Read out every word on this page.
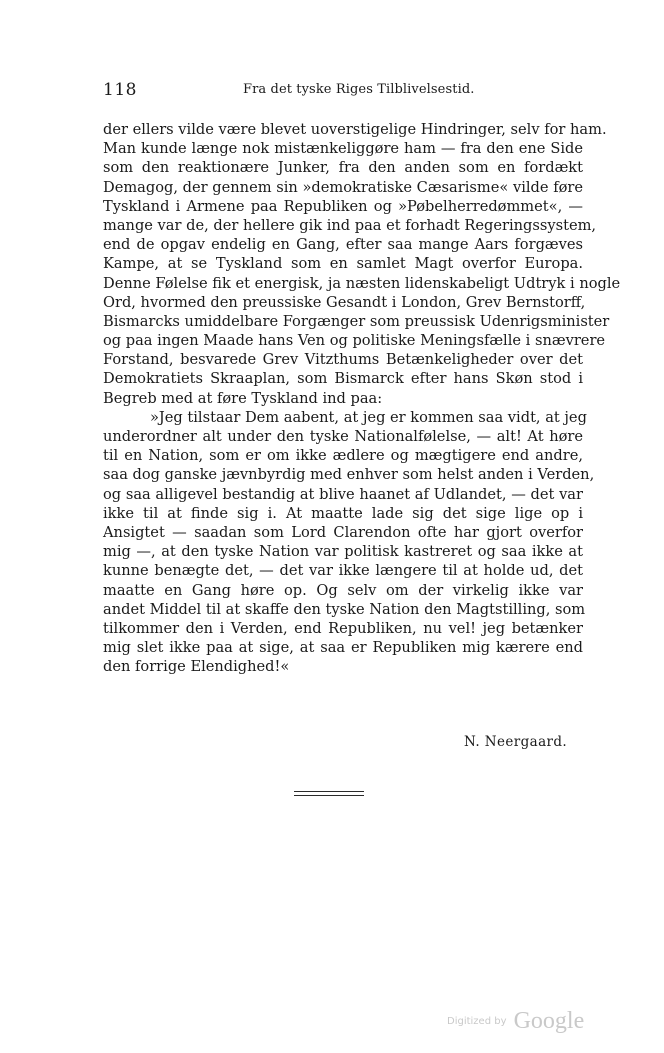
118	Fra det tyske Riges Tilblivelsestid.
der ellers vilde være blevet uoverstigelige Hindringer, selv for ham.
Man kunde længe nok mistænkeliggøre ham — fra den ene Side
som den reaktionære Junker, fra den anden som en fordækt
Demagog, der gennem sin »demokratiske Cæsarisme« vilde føre
Tyskland i Armene paa Republiken og »Pøbelherredømmet«, —
mange var de, der hellere gik ind paa et forhadt Regeringssystem,
end de opgav endelig en Gang, efter saa mange Aars forgæves
Kampe, at se Tyskland som en samlet Magt overfor Europa.
Denne Følelse fik et energisk, ja næsten lidenskabeligt Udtryk i nogle
Ord, hvormed den preussiske Gesandt i London, Grev Bernstorff,
Bismarcks umiddelbare Forgænger som preussisk Udenrigsminister
og paa ingen Maade hans Ven og politiske Meningsfælle i snævrere
Forstand, besvarede Grev Vitzthums Betænkeligheder over det
Demokratiets Skraaplan, som Bismarck efter hans Skøn stod i
Begreb med at føre Tyskland ind paa:
»Jeg tilstaar Dem aabent, at jeg er kommen saa vidt, at jeg
underordner alt under den tyske Nationalfølelse, — alt! At høre
til en Nation, som er om ikke ædlere og mægtigere end andre,
saa dog ganske jævnbyrdig med enhver som helst anden i Verden,
og saa alligevel bestandig at blive haanet af Udlandet, — det var
ikke til at finde sig i. At maatte lade sig det sige lige op i
Ansigtet — saadan som Lord Clarendon ofte har gjort overfor
mig —, at den tyske Nation var politisk kastreret og saa ikke at
kunne benægte det, — det var ikke længere til at holde ud, det
maatte en Gang høre op. Og selv om der virkelig ikke var
andet Middel til at skaffe den tyske Nation den Magtstilling, som
tilkommer den i Verden, end Republiken, nu vel! jeg betænker
mig slet ikke paa at sige, at saa er Republiken mig kærere end
den forrige Elendighed!«
N. Neergaard.
Digitized by Google
